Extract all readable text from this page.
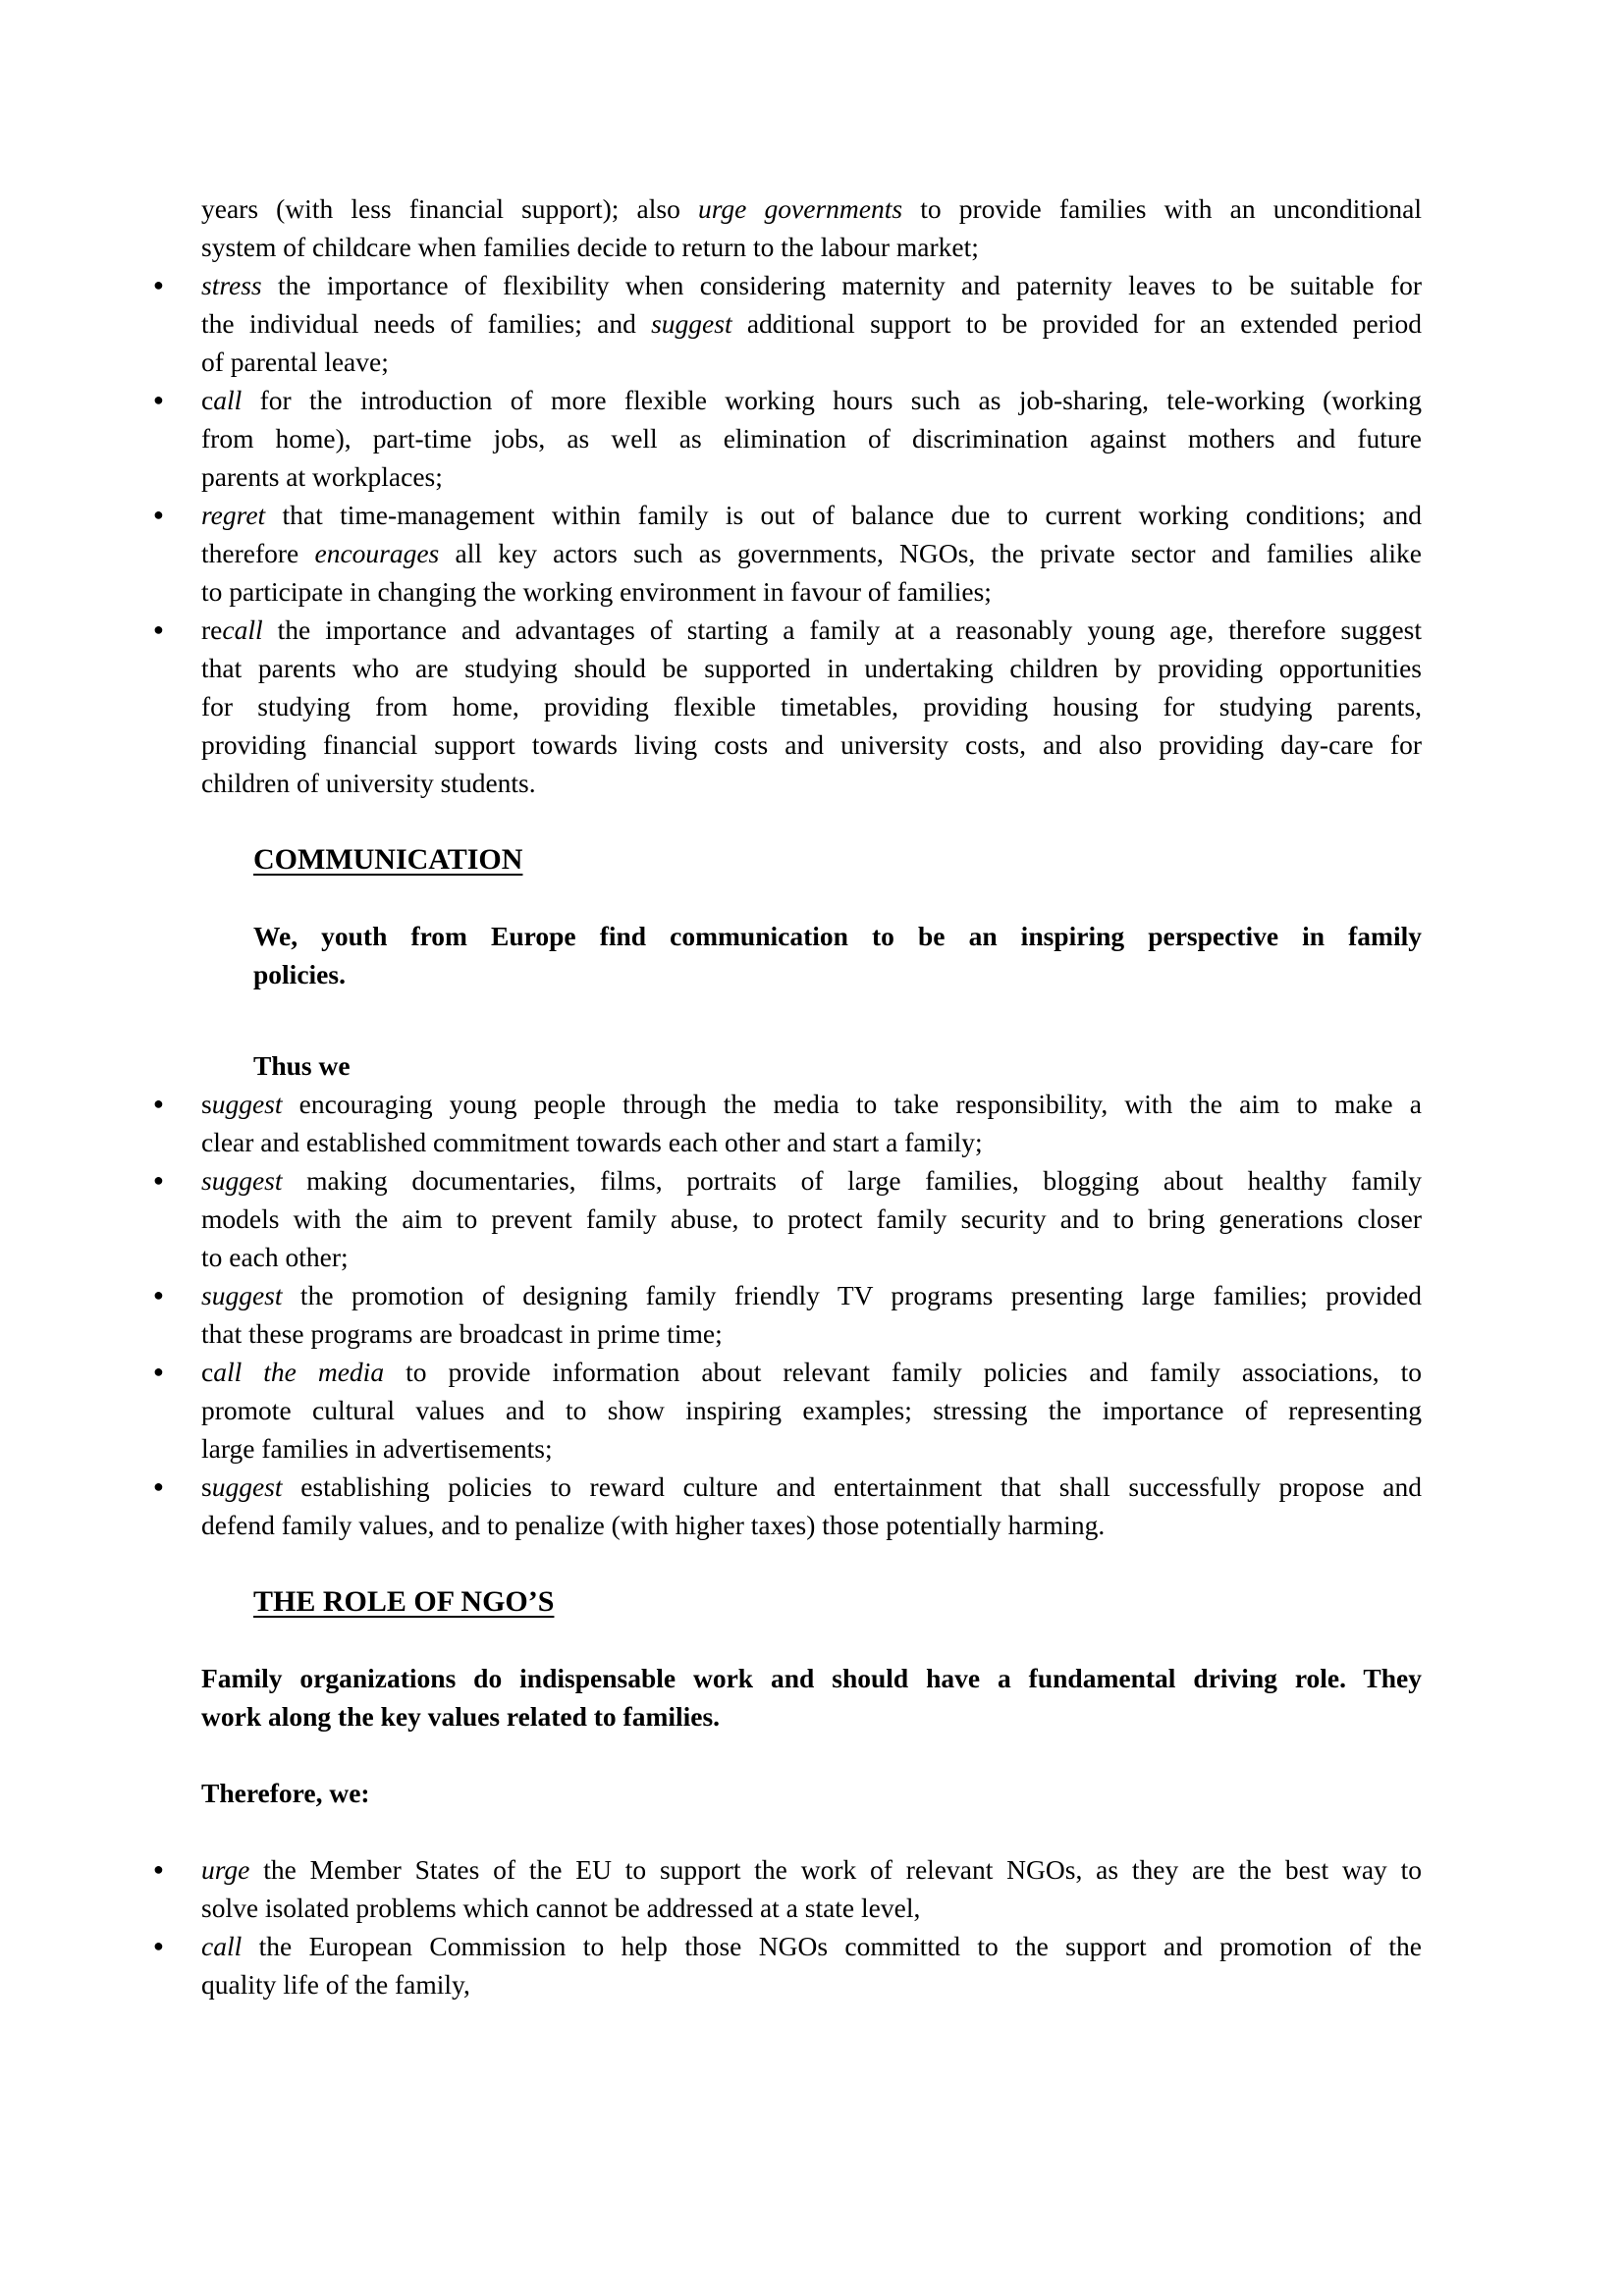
years (with less financial support); also urge governments to provide families with an unconditional
system of childcare when families decide to return to the labour market;
●	stress the importance of flexibility when considering maternity and paternity leaves to be suitable for
the individual needs of families; and suggest additional support to be provided for an extended period
of parental leave;
●	call for the introduction of more flexible working hours such as job-sharing, tele-working (working
from home), part-time jobs, as well as elimination of discrimination against mothers and future
parents at workplaces;
●	regret that time-management within family is out of balance due to current working conditions; and
therefore encourages all key actors such as governments, NGOs, the private sector and families alike
to participate in changing the working environment in favour of families;
●	recall the importance and advantages of starting a family at a reasonably young age, therefore suggest
that parents who are studying should be supported in undertaking children by providing opportunities
for studying from home, providing flexible timetables, providing housing for studying parents,
providing financial support towards living costs and university costs, and also providing day-care for
children of university students.
COMMUNICATION
We, youth from Europe find communication to be an inspiring perspective in family
policies.
Thus we
●	suggest encouraging young people through the media to take responsibility, with the aim to make a
clear and established commitment towards each other and start a family;
●	suggest making documentaries, films, portraits of large families, blogging about healthy family
models with the aim to prevent family abuse, to protect family security and to bring generations closer
to each other;
●	suggest the promotion of designing family friendly TV programs presenting large families; provided
that these programs are broadcast in prime time;
●	call the media to provide information about relevant family policies and family associations, to
promote cultural values and to show inspiring examples; stressing the importance of representing
large families in advertisements;
●	suggest establishing policies to reward culture and entertainment that shall successfully propose and
defend family values, and to penalize (with higher taxes) those potentially harming.
THE ROLE OF NGO’S
Family organizations do indispensable work and should have a fundamental driving role. They
work along the key values related to families.
Therefore, we:
●	urge the Member States of the EU to support the work of relevant NGOs, as they are the best way to
solve isolated problems which cannot be addressed at a state level,
●	call the European Commission to help those NGOs committed to the support and promotion of the
quality life of the family,
